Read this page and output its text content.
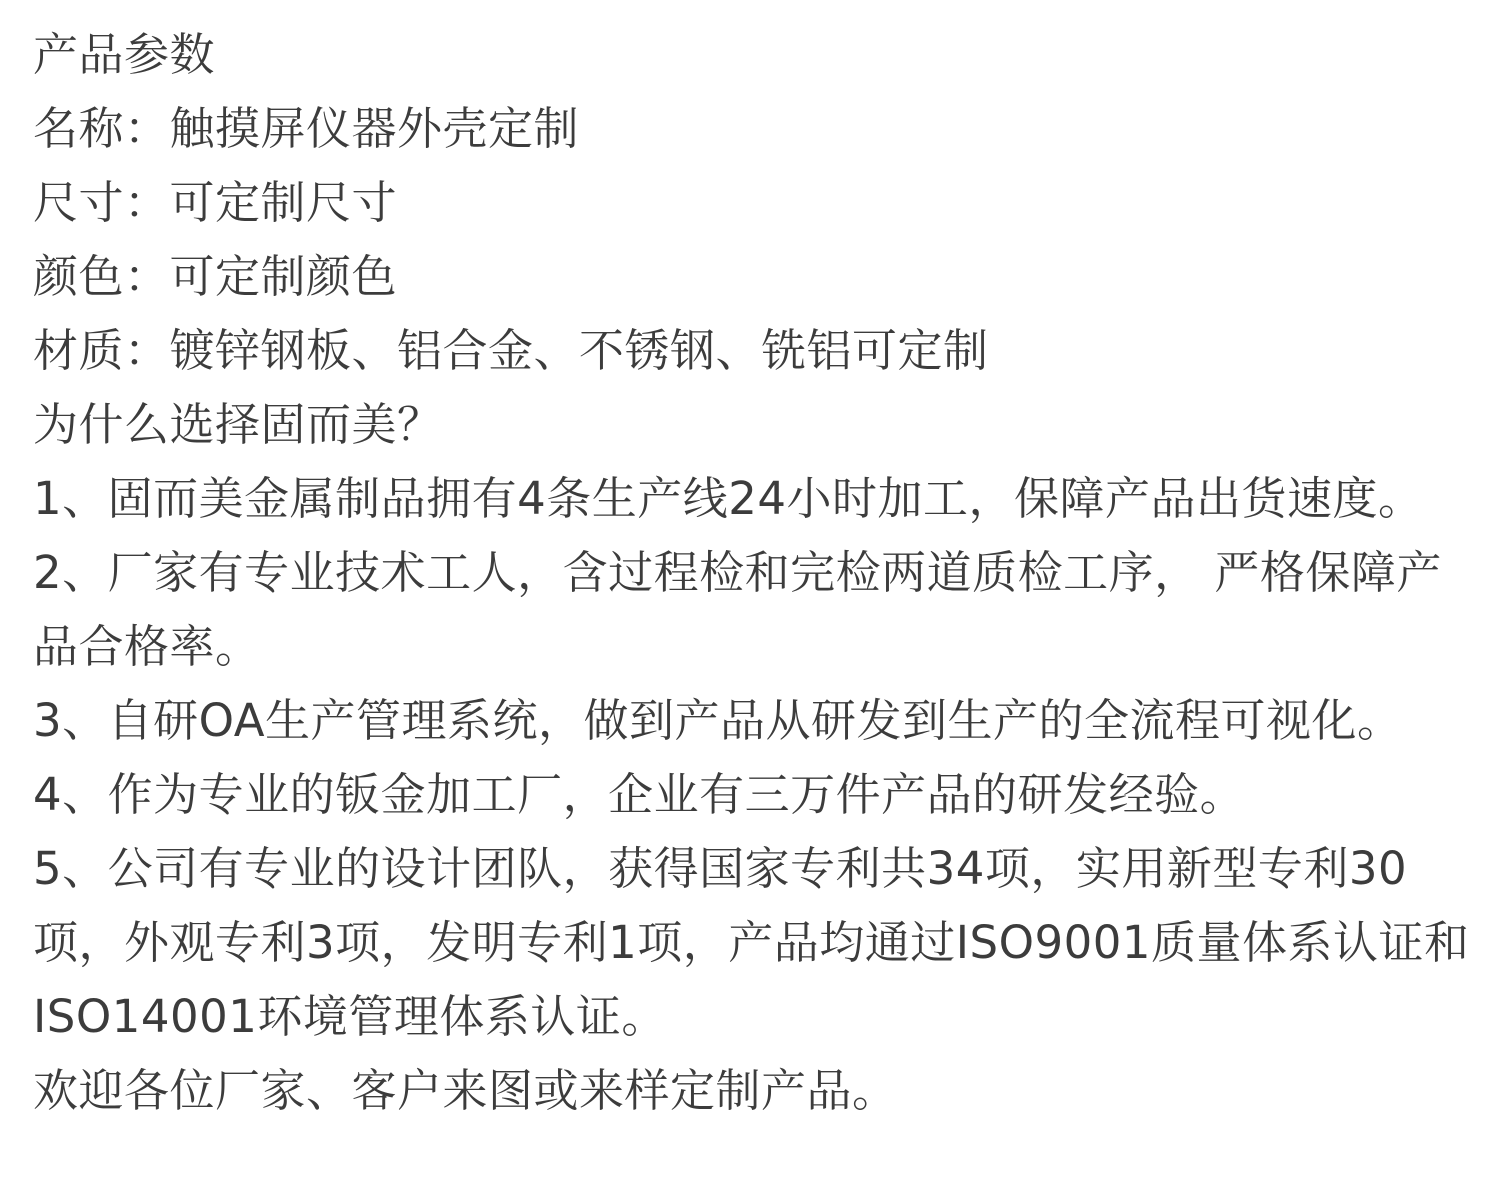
产品参数
名称：触摸屏仪器外壳定制
尺寸：可定制尺寸
颜色：可定制颜色
材质：镀锌钢板、铝合金、不锈钢、铣铝可定制
为什么选择固而美？
1、固而美金属制品拥有4条生产线24小时加工，保障产品出货速度。
2、厂家有专业技术工人，含过程检和完检两道质检工序， 严格保障产品合格率。
3、自研OA生产管理系统，做到产品从研发到生产的全流程可视化。
4、作为专业的钣金加工厂，企业有三万件产品的研发经验。
5、公司有专业的设计团队，获得国家专利共34项，实用新型专利30项，外观专利3项，发明专利1项，产品均通过ISO9001质量体系认证和ISO14001环境管理体系认证。
欢迎各位厂家、客户来图或来样定制产品。
